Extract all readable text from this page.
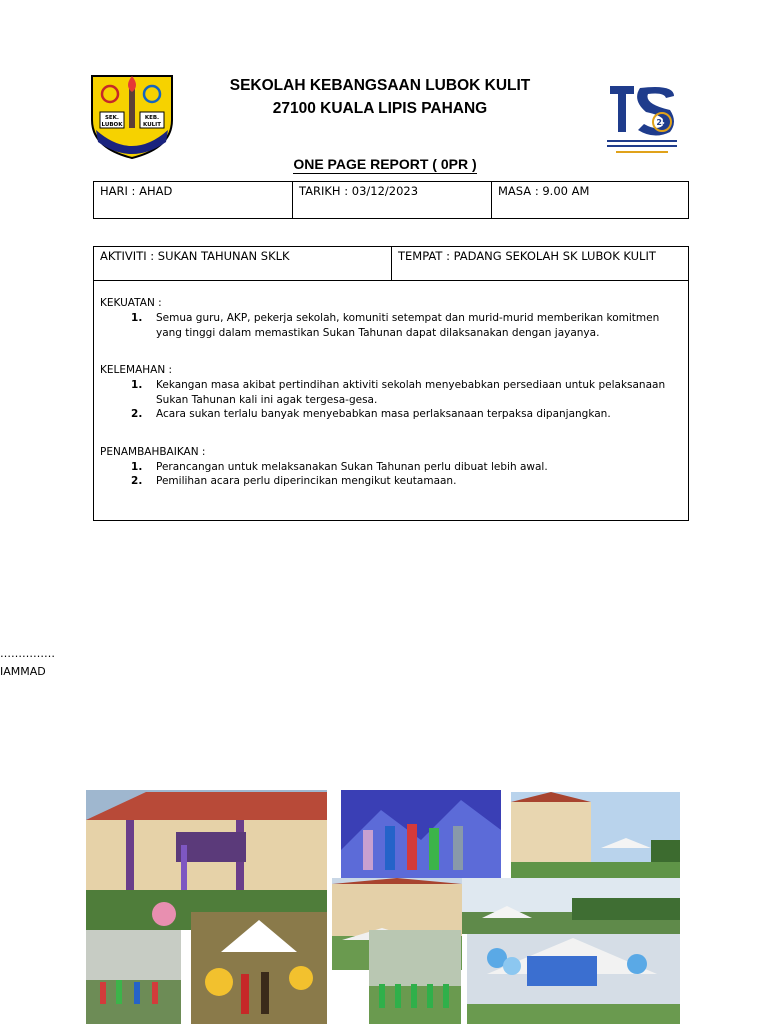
SEK.
LUBOK
KEB.
KULIT
SEKOLAH KEBANGSAAN LUBOK KULIT
27100 KUALA LIPIS PAHANG
25
ONE PAGE REPORT ( 0PR )
HARI : AHAD	TARIKH : 03/12/2023	MASA : 9.00 AM
AKTIVITI : SUKAN TAHUNAN SKLK	TEMPAT : PADANG SEKOLAH SK LUBOK KULIT
KEKUATAN :
1. Semua guru, AKP, pekerja sekolah, komuniti setempat dan murid-murid memberikan komitmen yang tinggi dalam memastikan Sukan Tahunan dapat dilaksanakan dengan jayanya.
KELEMAHAN :
1. Kekangan masa akibat pertindihan aktiviti sekolah menyebabkan persediaan untuk pelaksanaan Sukan Tahunan kali ini agak tergesa-gesa.
2. Acara sukan terlalu banyak menyebabkan masa perlaksanaan terpaksa dipanjangkan.
PENAMBAHBAIKAN :
1. Perancangan untuk melaksanakan Sukan Tahunan perlu dibuat lebih awal.
2. Pemilihan acara perlu diperincikan mengikut keutamaan.
……………
IAMMAD
